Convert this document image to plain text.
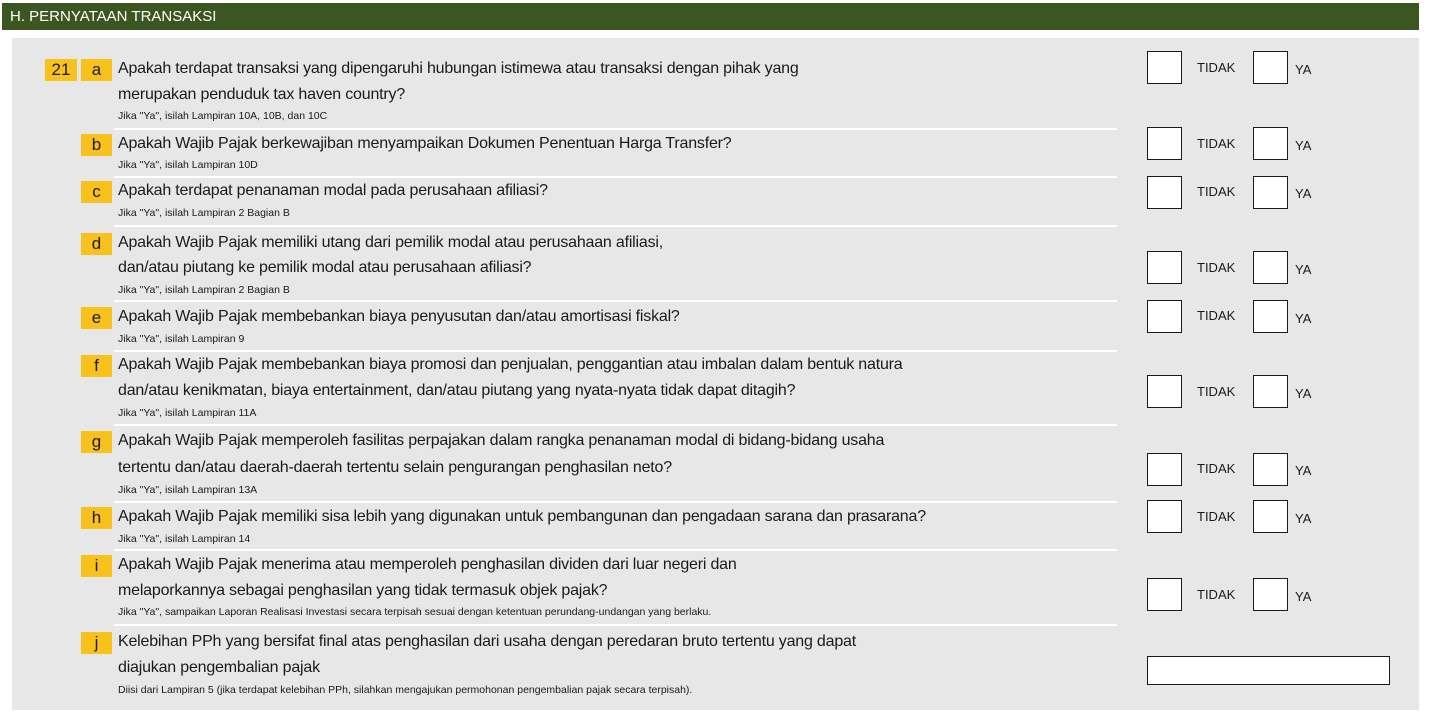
H. PERNYATAAN TRANSAKSI
21	a	Apakah terdapat transaksi yang dipengaruhi hubungan istimewa atau transaksi dengan pihak yang
merupakan penduduk tax haven country?
Jika "Ya", isilah Lampiran 10A, 10B, dan 10C
TIDAK	YA
b	Apakah Wajib Pajak berkewajiban menyampaikan Dokumen Penentuan Harga Transfer?
Jika "Ya", isilah Lampiran 10D
TIDAK	YA
c	Apakah terdapat penanaman modal pada perusahaan afiliasi?
Jika "Ya", isilah Lampiran 2 Bagian B
TIDAK	YA
d	Apakah Wajib Pajak memiliki utang dari pemilik modal atau perusahaan afiliasi,
dan/atau piutang ke pemilik modal atau perusahaan afiliasi?
Jika "Ya", isilah Lampiran 2 Bagian B
TIDAK	YA
e	Apakah Wajib Pajak membebankan biaya penyusutan dan/atau amortisasi fiskal?
Jika "Ya", isilah Lampiran 9
TIDAK	YA
f	Apakah Wajib Pajak membebankan biaya promosi dan penjualan, penggantian atau imbalan dalam bentuk natura
dan/atau kenikmatan, biaya entertainment, dan/atau piutang yang nyata-nyata tidak dapat ditagih?
Jika "Ya", isilah Lampiran 11A
TIDAK	YA
g	Apakah Wajib Pajak memperoleh fasilitas perpajakan dalam rangka penanaman modal di bidang-bidang usaha
tertentu dan/atau daerah-daerah tertentu selain pengurangan penghasilan neto?
Jika "Ya", isilah Lampiran 13A
TIDAK	YA
h	Apakah Wajib Pajak memiliki sisa lebih yang digunakan untuk pembangunan dan pengadaan sarana dan prasarana?
Jika "Ya", isilah Lampiran 14
TIDAK	YA
i	Apakah Wajib Pajak menerima atau memperoleh penghasilan dividen dari luar negeri dan
melaporkannya sebagai penghasilan yang tidak termasuk objek pajak?
Jika "Ya", sampaikan Laporan Realisasi Investasi secara terpisah sesuai dengan ketentuan perundang-undangan yang berlaku.
TIDAK	YA
j	Kelebihan PPh yang bersifat final atas penghasilan dari usaha dengan peredaran bruto tertentu yang dapat
diajukan pengembalian pajak
Diisi dari Lampiran 5 (jika terdapat kelebihan PPh, silahkan mengajukan permohonan pengembalian pajak secara terpisah).
